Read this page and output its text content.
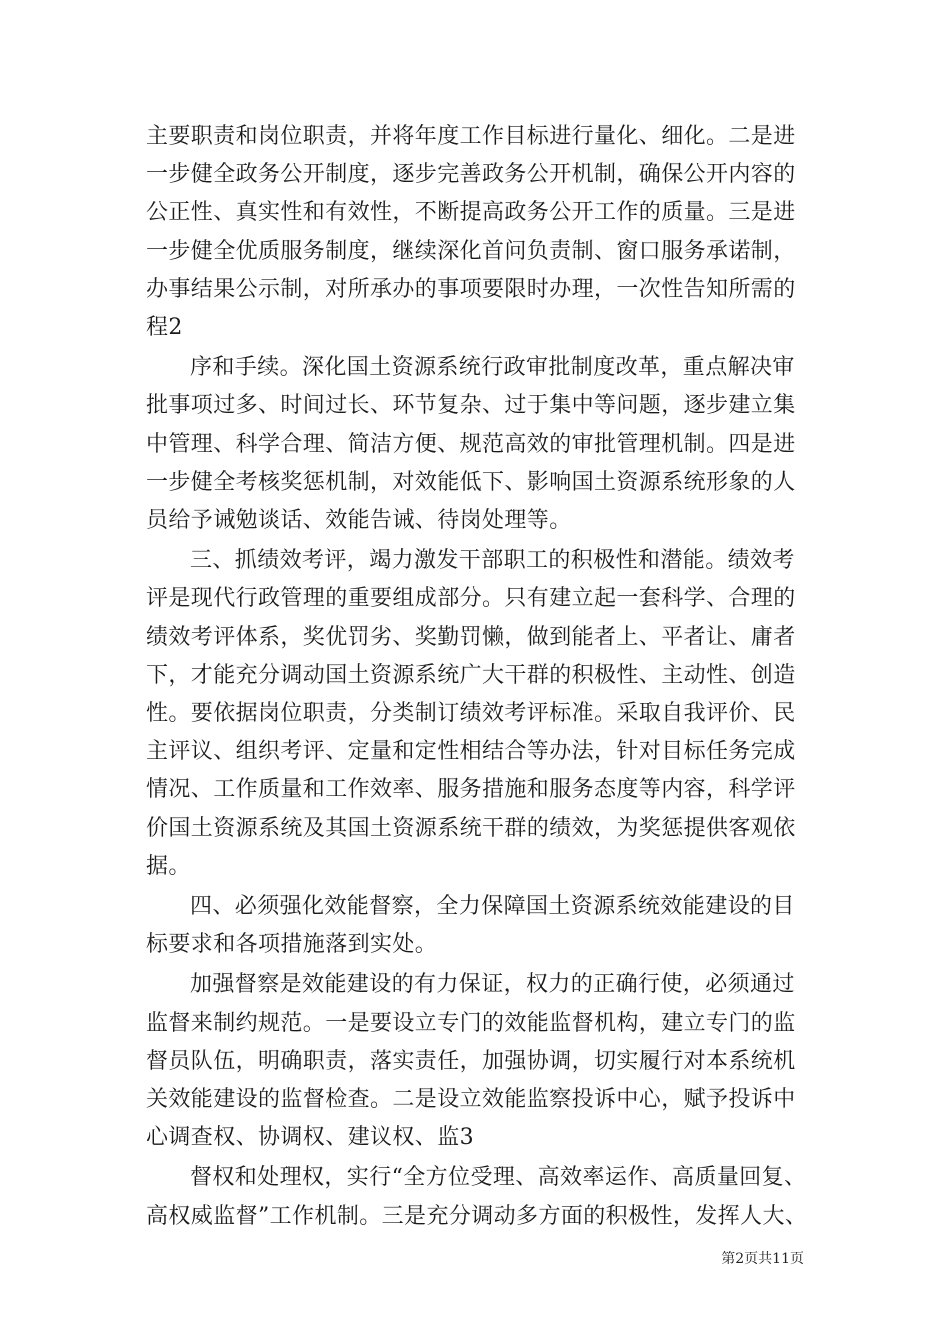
主要职责和岗位职责，并将年度工作目标进行量化、细化。二是进
一步健全政务公开制度，逐步完善政务公开机制，确保公开内容的
公正性、真实性和有效性，不断提高政务公开工作的质量。三是进
一步健全优质服务制度，继续深化首问负责制、窗口服务承诺制，
办事结果公示制，对所承办的事项要限时办理，一次性告知所需的
程2

序和手续。深化国土资源系统行政审批制度改革，重点解决审
批事项过多、时间过长、环节复杂、过于集中等问题，逐步建立集
中管理、科学合理、简洁方便、规范高效的审批管理机制。四是进
一步健全考核奖惩机制，对效能低下、影响国土资源系统形象的人
员给予诫勉谈话、效能告诫、待岗处理等。

三、抓绩效考评，竭力激发干部职工的积极性和潜能。绩效考
评是现代行政管理的重要组成部分。只有建立起一套科学、合理的
绩效考评体系，奖优罚劣、奖勤罚懒，做到能者上、平者让、庸者
下，才能充分调动国土资源系统广大干群的积极性、主动性、创造
性。要依据岗位职责，分类制订绩效考评标准。采取自我评价、民
主评议、组织考评、定量和定性相结合等办法，针对目标任务完成
情况、工作质量和工作效率、服务措施和服务态度等内容，科学评
价国土资源系统及其国土资源系统干群的绩效，为奖惩提供客观依
据。

四、必须强化效能督察，全力保障国土资源系统效能建设的目
标要求和各项措施落到实处。

加强督察是效能建设的有力保证，权力的正确行使，必须通过
监督来制约规范。一是要设立专门的效能监督机构，建立专门的监
督员队伍，明确职责，落实责任，加强协调，切实履行对本系统机
关效能建设的监督检查。二是设立效能监察投诉中心，赋予投诉中
心调查权、协调权、建议权、监3

督权和处理权，实行“全方位受理、高效率运作、高质量回复、
高权威监督”工作机制。三是充分调动多方面的积极性，发挥人大、

第2页共11页
